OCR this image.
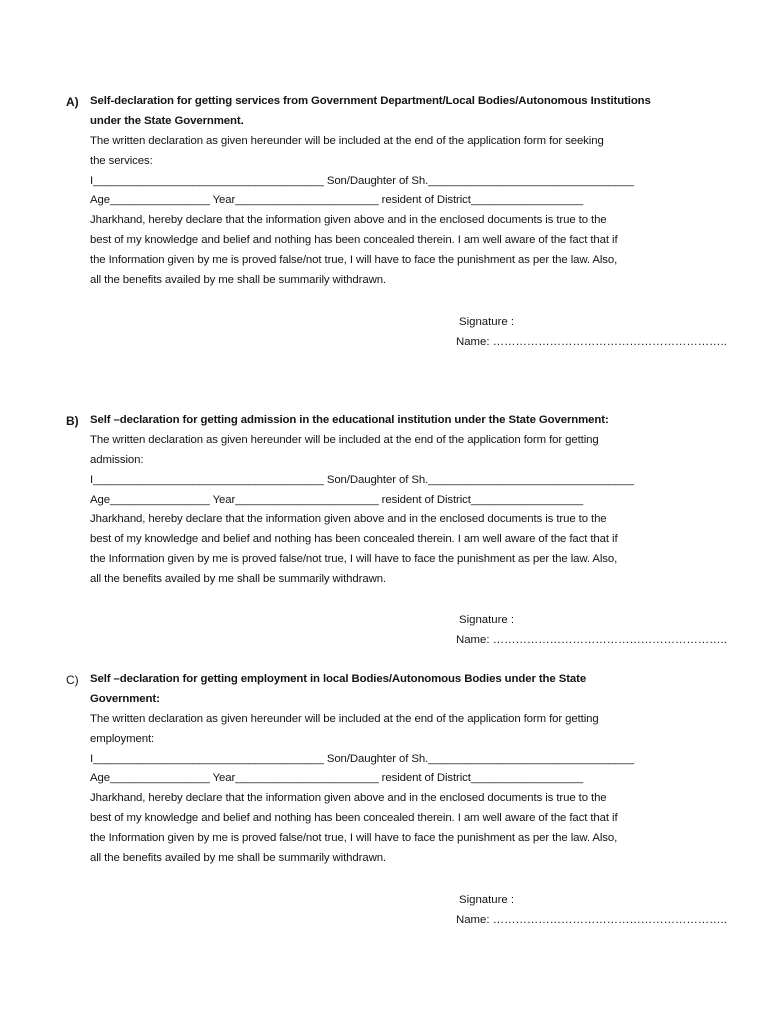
A) Self-declaration for getting services from Government Department/Local Bodies/Autonomous Institutions
under the State Government.
The written declaration as given hereunder will be included at the end of the application form for seeking
the services:
I_____________________________________ Son/Daughter of Sh._________________________________
Age________________ Year_______________________ resident of District__________________
Jharkhand, hereby declare that the information given above and in the enclosed documents is true to the
best of my knowledge and belief and nothing has been concealed therein. I am well aware of the fact that if
the Information given by me is proved false/not true, I will have to face the punishment as per the law. Also,
all the benefits availed by me shall be summarily withdrawn.
Signature :
Name: ……………………………………………………..
B) Self –declaration for getting admission in the educational institution under the State Government:
The written declaration as given hereunder will be included at the end of the application form for getting
admission:
I_____________________________________ Son/Daughter of Sh._________________________________
Age________________ Year_______________________ resident of District__________________
Jharkhand, hereby declare that the information given above and in the enclosed documents is true to the
best of my knowledge and belief and nothing has been concealed therein. I am well aware of the fact that if
the Information given by me is proved false/not true, I will have to face the punishment as per the law. Also,
all the benefits availed by me shall be summarily withdrawn.
Signature :
Name: ……………………………………………………..
C) Self –declaration for getting employment in local Bodies/Autonomous Bodies under the State
Government:
The written declaration as given hereunder will be included at the end of the application form for getting
employment:
I_____________________________________ Son/Daughter of Sh._________________________________
Age________________ Year_______________________ resident of District__________________
Jharkhand, hereby declare that the information given above and in the enclosed documents is true to the
best of my knowledge and belief and nothing has been concealed therein. I am well aware of the fact that if
the Information given by me is proved false/not true, I will have to face the punishment as per the law. Also,
all the benefits availed by me shall be summarily withdrawn.
Signature :
Name: ……………………………………………………..
